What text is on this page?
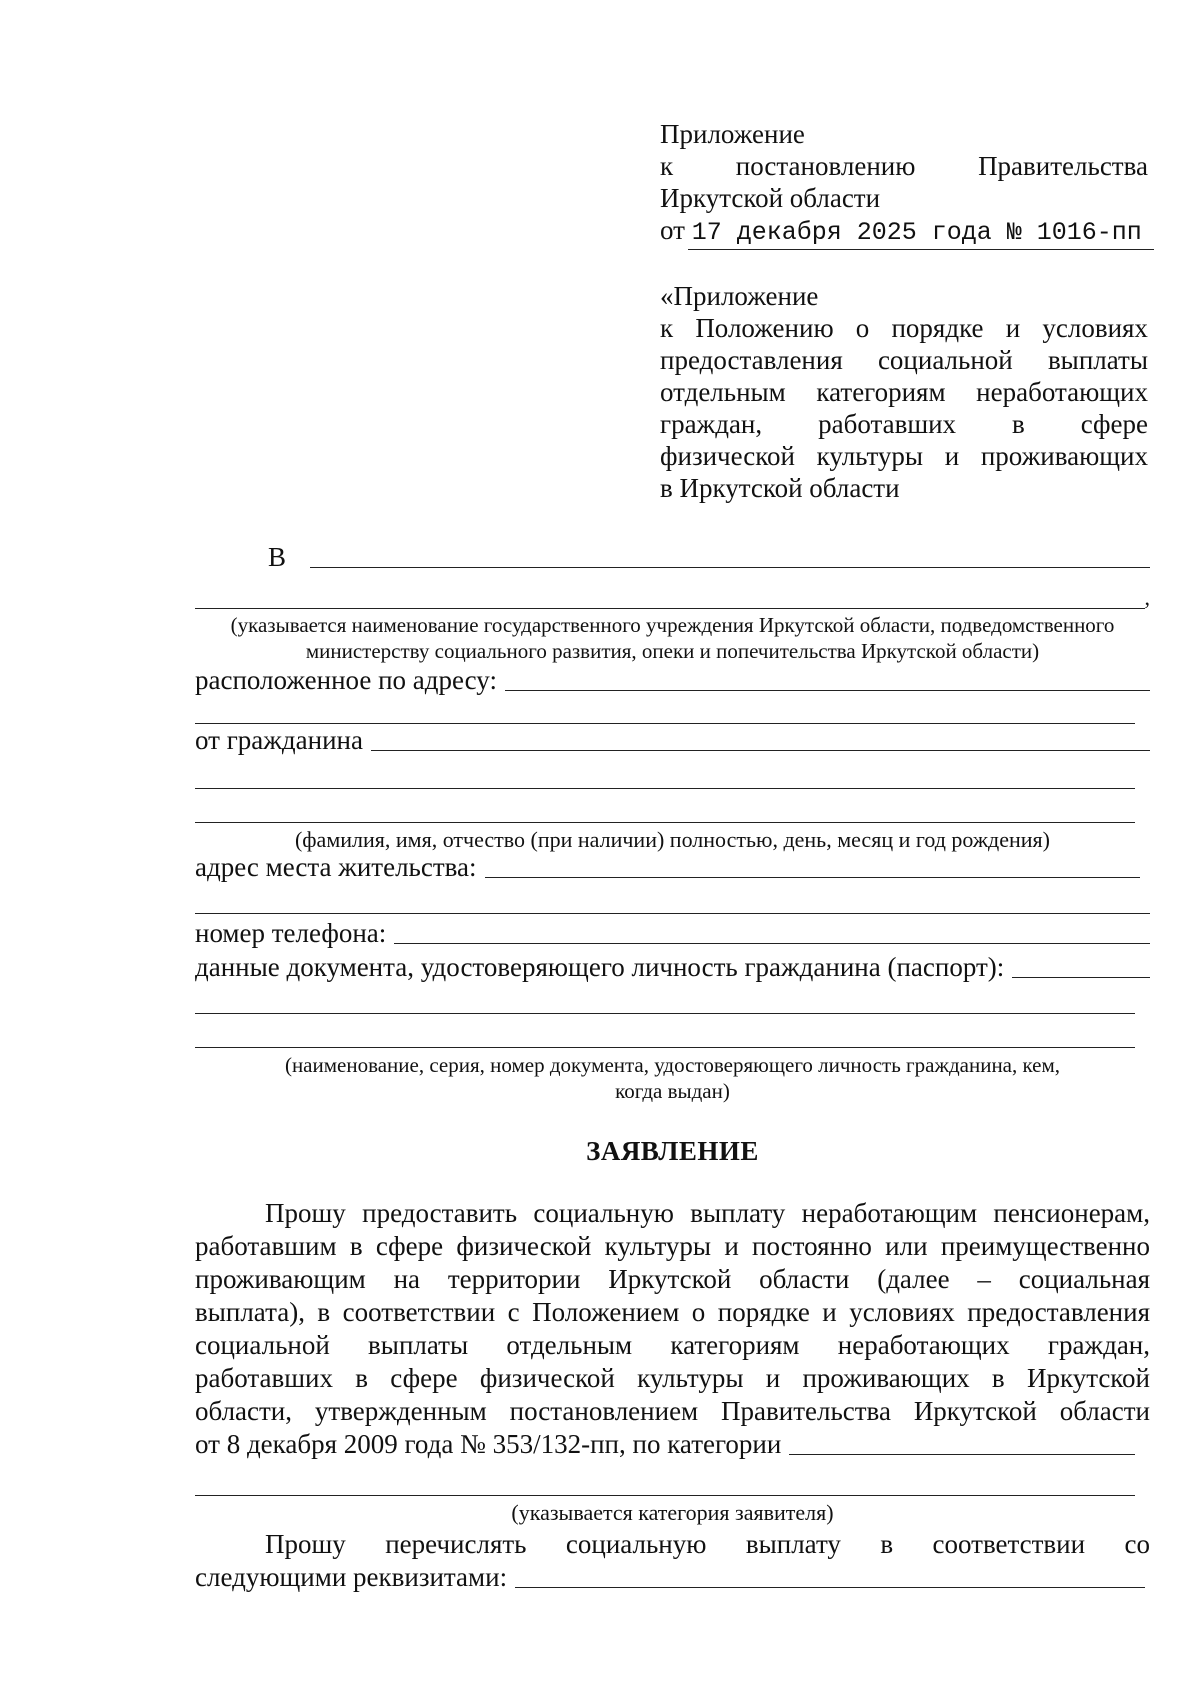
Приложение
к постановлению Правительства
Иркутской области
от 17 декабря 2025 года № 1016-пп
«Приложение
к Положению о порядке и условиях
предоставления социальной выплаты
отдельным категориям неработающих
граждан, работавших в сфере
физической культуры и проживающих
в Иркутской области
В
,
(указывается наименование государственного учреждения Иркутской области, подведомственного
министерству социального развития, опеки и попечительства Иркутской области)
расположенное по адресу:
от гражданина
(фамилия, имя, отчество (при наличии) полностью, день, месяц и год рождения)
адрес места жительства:
номер телефона:
данные документа, удостоверяющего личность гражданина (паспорт):
(наименование, серия, номер документа, удостоверяющего личность гражданина, кем,
когда выдан)
ЗАЯВЛЕНИЕ
Прошу предоставить социальную выплату неработающим пенсионерам,
работавшим в сфере физической культуры и постоянно или преимущественно
проживающим на территории Иркутской области (далее – социальная
выплата), в соответствии с Положением о порядке и условиях предоставления
социальной выплаты отдельным категориям неработающих граждан,
работавших в сфере физической культуры и проживающих в Иркутской
области, утвержденным постановлением Правительства Иркутской области
от 8 декабря 2009 года № 353/132-пп, по категории
(указывается категория заявителя)
Прошу перечислять социальную выплату в соответствии со
следующими реквизитами:
